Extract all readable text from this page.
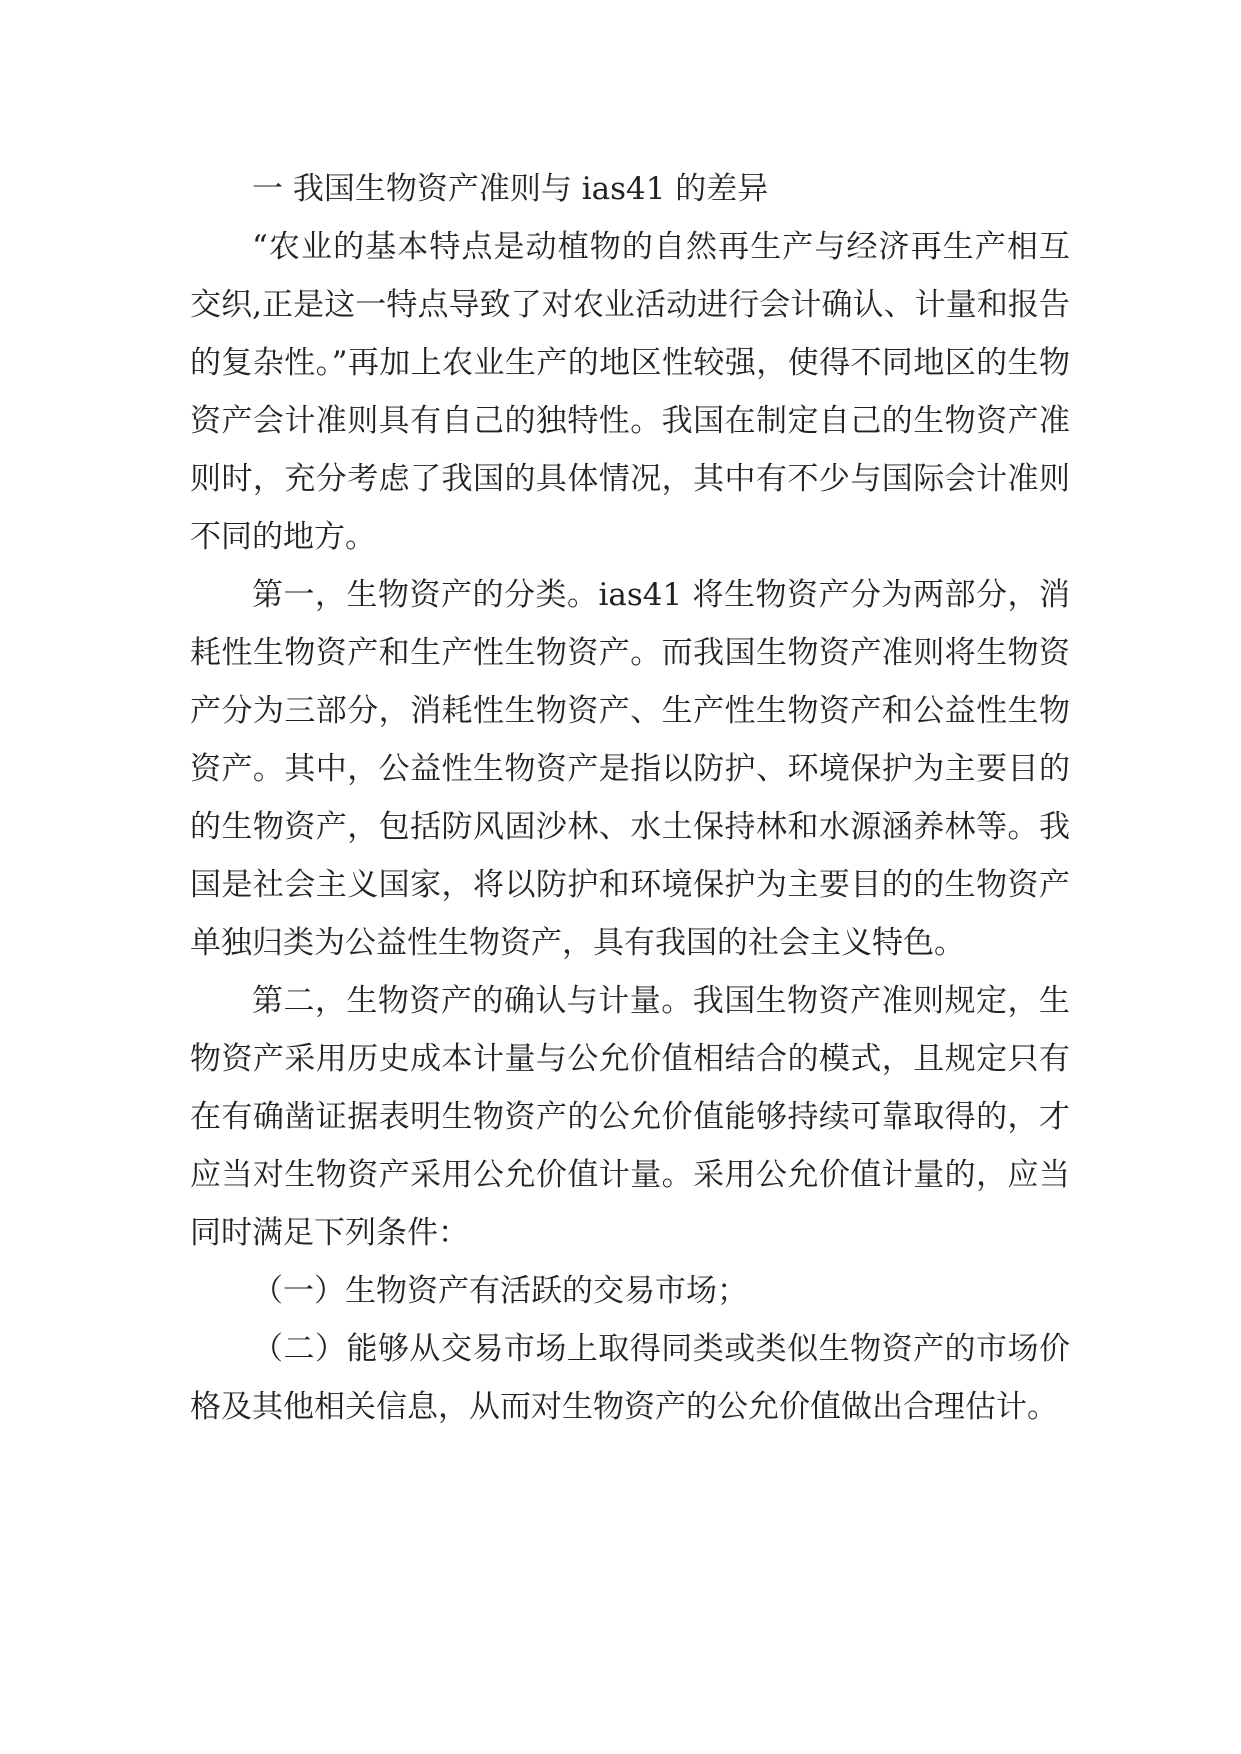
一 我国生物资产准则与 ias41 的差异

“农业的基本特点是动植物的自然再生产与经济再生产相互交织,正是这一特点导致了对农业活动进行会计确认、计量和报告的复杂性。”再加上农业生产的地区性较强，使得不同地区的生物资产会计准则具有自己的独特性。我国在制定自己的生物资产准则时，充分考虑了我国的具体情况，其中有不少与国际会计准则不同的地方。

第一，生物资产的分类。ias41 将生物资产分为两部分，消耗性生物资产和生产性生物资产。而我国生物资产准则将生物资产分为三部分，消耗性生物资产、生产性生物资产和公益性生物资产。其中，公益性生物资产是指以防护、环境保护为主要目的的生物资产，包括防风固沙林、水土保持林和水源涵养林等。我国是社会主义国家，将以防护和环境保护为主要目的的生物资产单独归类为公益性生物资产，具有我国的社会主义特色。

第二，生物资产的确认与计量。我国生物资产准则规定，生物资产采用历史成本计量与公允价值相结合的模式，且规定只有在有确凿证据表明生物资产的公允价值能够持续可靠取得的，才应当对生物资产采用公允价值计量。采用公允价值计量的，应当同时满足下列条件：

（一）生物资产有活跃的交易市场；

（二）能够从交易市场上取得同类或类似生物资产的市场价格及其他相关信息，从而对生物资产的公允价值做出合理估计。
